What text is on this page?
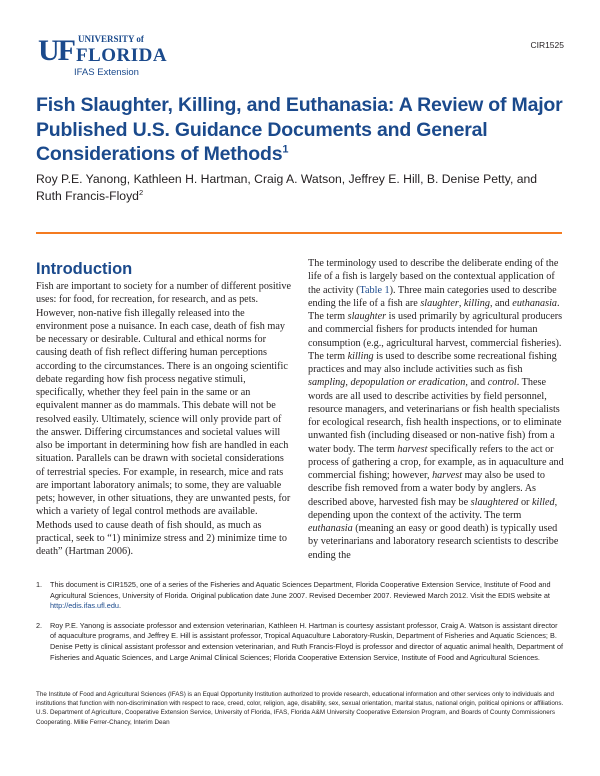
UF UNIVERSITY of
FLORIDA
IFAS Extension
CIR1525
Fish Slaughter, Killing, and Euthanasia: A Review of Major Published U.S. Guidance Documents and General Considerations of Methods$^1$
Roy P.E. Yanong, Kathleen H. Hartman, Craig A. Watson, Jeffrey E. Hill, B. Denise Petty, and Ruth Francis-Floyd$^2$
Introduction
Fish are important to society for a number of different positive uses: for food, for recreation, for research, and as pets. However, non-native fish illegally released into the environment pose a nuisance. In each case, death of fish may be necessary or desirable. Cultural and ethical norms for causing death of fish reflect differing human perceptions according to the circumstances. There is an ongoing scientific debate regarding how fish process negative stimuli, specifically, whether they feel pain in the same or an equivalent manner as do mammals. This debate will not be resolved easily. Ultimately, science will only provide part of the answer. Differing circumstances and societal values will also be important in determining how fish are handled in each situation. Parallels can be drawn with societal considerations of terrestrial species. For example, in research, mice and rats are important laboratory animals; to some, they are valuable pets; however, in other situations, they are unwanted pests, for which a variety of legal control methods are available. Methods used to cause death of fish should, as much as practical, seek to “1) minimize stress and 2) minimize time to death” (Hartman 2006).
The terminology used to describe the deliberate ending of the life of a fish is largely based on the contextual application of the activity (Table 1). Three main categories used to describe ending the life of a fish are slaughter, killing, and euthanasia. The term slaughter is used primarily by agricultural producers and commercial fishers for products intended for human consumption (e.g., agricultural harvest, commercial fisheries). The term killing is used to describe some recreational fishing practices and may also include activities such as fish sampling, depopulation or eradication, and control. These words are all used to describe activities by field personnel, resource managers, and veterinarians or fish health specialists for ecological research, fish health inspections, or to eliminate unwanted fish (including diseased or non-native fish) from a water body. The term harvest specifically refers to the act or process of gathering a crop, for example, as in aquaculture and commercial fishing; however, harvest may also be used to describe fish removed from a water body by anglers. As described above, harvested fish may be slaughtered or killed, depending upon the context of the activity. The term euthanasia (meaning an easy or good death) is typically used by veterinarians and laboratory research scientists to describe ending the
1. This document is CIR1525, one of a series of the Fisheries and Aquatic Sciences Department, Florida Cooperative Extension Service, Institute of Food and Agricultural Sciences, University of Florida. Original publication date June 2007. Revised December 2007. Reviewed March 2012. Visit the EDIS website at http://edis.ifas.ufl.edu.
2. Roy P.E. Yanong is associate professor and extension veterinarian, Kathleen H. Hartman is courtesy assistant professor, Craig A. Watson is assistant director of aquaculture programs, and Jeffrey E. Hill is assistant professor, Tropical Aquaculture Laboratory-Ruskin, Department of Fisheries and Aquatic Sciences; B. Denise Petty is clinical assistant professor and extension veterinarian, and Ruth Francis-Floyd is professor and director of aquatic animal health, Department of Fisheries and Aquatic Sciences, and Large Animal Clinical Sciences; Florida Cooperative Extension Service, Institute of Food and Agricultural Sciences.
The Institute of Food and Agricultural Sciences (IFAS) is an Equal Opportunity Institution authorized to provide research, educational information and other services only to individuals and institutions that function with non-discrimination with respect to race, creed, color, religion, age, disability, sex, sexual orientation, marital status, national origin, political opinions or affiliations. U.S. Department of Agriculture, Cooperative Extension Service, University of Florida, IFAS, Florida A&M University Cooperative Extension Program, and Boards of County Commissioners Cooperating. Millie Ferrer-Chancy, Interim Dean
